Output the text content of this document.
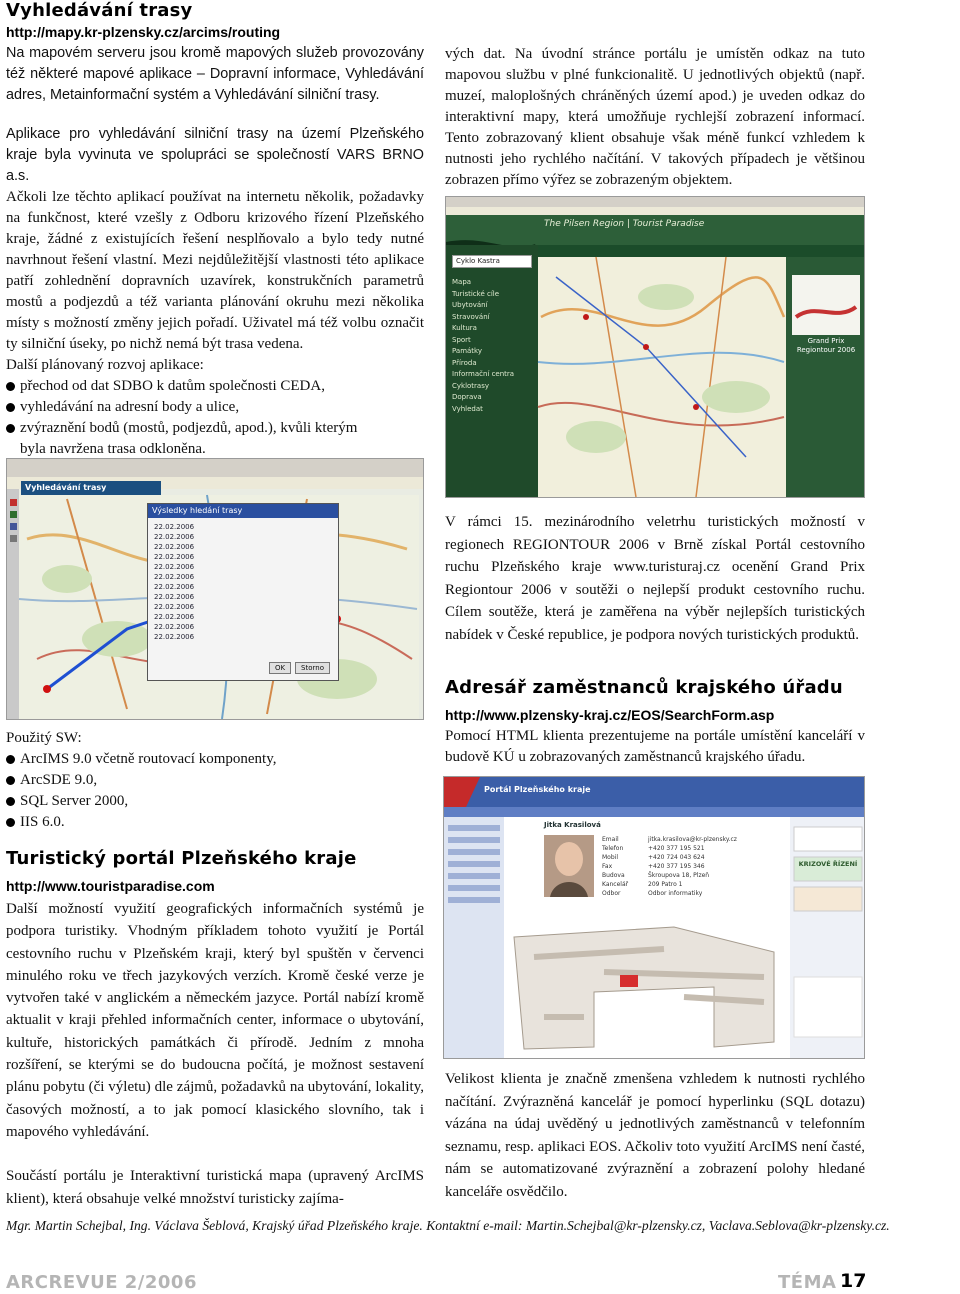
Vyhledávání trasy
http://mapy.kr-plzensky.cz/arcims/routing

Na mapovém serveru jsou kromě mapových služeb provozovány též některé mapové aplikace – Dopravní informace, Vyhledávání adres, Metainformační systém a Vyhledávání silniční trasy.

Aplikace pro vyhledávání silniční trasy na území Plzeňského kraje byla vyvinuta ve spolupráci se společností VARS BRNO a.s.

Ačkoli lze těchto aplikací používat na internetu několik, požadavky na funkčnost, které vzešly z Odboru krizového řízení Plzeňského kraje, žádné z existujících řešení nesplňovalo a bylo tedy nutné navrhnout řešení vlastní. Mezi nejdůležitější vlastnosti této aplikace patří zohlednění dopravních uzavírek, konstrukčních parametrů mostů a podjezdů a též varianta plánování okruhu mezi několika místy s možností změny jejich pořadí. Uživatel má též volbu označit ty silniční úseky, po nichž nemá být trasa vedena.

Další plánovaný rozvoj aplikace:

přechod od dat SDBO k datům společnosti CEDA,
vyhledávání na adresní body a ulice,
zvýraznění bodů (mostů, podjezdů, apod.), kvůli kterým
byla navržena trasa odkloněna.
Výsledky hledání trasy
22.02.2006
22.02.2006
22.02.2006
22.02.2006
22.02.2006
22.02.2006
22.02.2006
22.02.2006
22.02.2006
22.02.2006
22.02.2006
22.02.2006
OK	Storno
Vyhledávání trasy

Použitý SW:

ArcIMS 9.0 včetně routovací komponenty,
ArcSDE 9.0,
SQL Server 2000,
IIS 6.0.
Turistický portál Plzeňského kraje
http://www.touristparadise.com

Další možností využití geografických informačních systémů je podpora turistiky. Vhodným příkladem tohoto využití je Portál cestovního ruchu v Plzeňském kraji, který byl spuštěn v červenci minulého roku ve třech jazykových verzích. Kromě české verze je vytvořen také v anglickém a německém jazyce. Portál nabízí kromě aktualit v kraji přehled informačních center, informace o ubytování, kultuře, historických památkách či přírodě. Jedním z mnoha rozšíření, se kterými se do budoucna počítá, je možnost sestavení plánu pobytu (či výletu) dle zájmů, požadavků na ubytování, lokality, časových možností, a to jak pomocí klasického slovního, tak i mapového vyhledávání.

Součástí portálu je Interaktivní turistická mapa (upravený ArcIMS klient), která obsahuje velké množství turisticky zajíma-

vých dat. Na úvodní stránce portálu je umístěn odkaz na tuto mapovou službu v plné funkcionalitě. U jednotlivých objektů (např. muzeí, maloplošných chráněných území apod.) je uveden odkaz do interaktivní mapy, která umožňuje rychlejší zobrazení informací. Tento zobrazovaný klient obsahuje však méně funkcí vzhledem k nutnosti jeho rychlého načítání. V takových případech je většinou zobrazen přímo výřez se zobrazeným objektem.

The Pilsen Region | Tourist Paradise
Cyklo Kastra
Mapa
Turistické cíle
Ubytování
Stravování
Kultura
Sport
Památky
Příroda
Informační centra
Cyklotrasy
Doprava
Vyhledat
Grand Prix Regiontour 2006

V rámci 15. mezinárodního veletrhu turistických možností v regionech REGIONTOUR 2006 v Brně získal Portál cestovního ruchu Plzeňského kraje www.turisturaj.cz ocenění Grand Prix Regiontour 2006 v soutěži o nejlepší produkt cestovního ruchu. Cílem soutěže, která je zaměřena na výběr nejlepších turistických nabídek v České republice, je podpora nových turistických produktů.

Adresář zaměstnanců krajského úřadu
http://www.plzensky-kraj.cz/EOS/SearchForm.asp

Pomocí HTML klienta prezentujeme na portále umístění kanceláří v budově KÚ u zobrazovaných zaměstnanců krajského úřadu.

Portál Plzeňského kraje
Jitka Krasilová
Email	jitka.krasilova@kr-plzensky.cz
Telefon	+420 377 195 521
Mobil	+420 724 043 624
Fax	+420 377 195 346
Budova	Škroupova 18, Plzeň
Kancelář	209 Patro 1
Odbor	Odbor informatiky
KRIZOVÉ ŘÍZENÍ

Velikost klienta je značně zmenšena vzhledem k nutnosti rychlého načítání. Zvýrazněná kancelář je pomocí hyperlinku (SQL dotazu) vázána na údaj uvěděný u jednotlivých zaměstnanců v telefonním seznamu, resp. aplikaci EOS. Ačkoliv toto využití ArcIMS není časté, nám se automatizované zvýraznění a zobrazení polohy hledané kanceláře osvědčilo.

Mgr. Martin Schejbal, Ing. Václava Šeblová, Krajský úřad Plzeňského kraje. Kontaktní e-mail: Martin.Schejbal@kr-plzensky.cz, Vaclava.Seblova@kr-plzensky.cz.
ARCREVUE 2/2006	TÉMA 17
